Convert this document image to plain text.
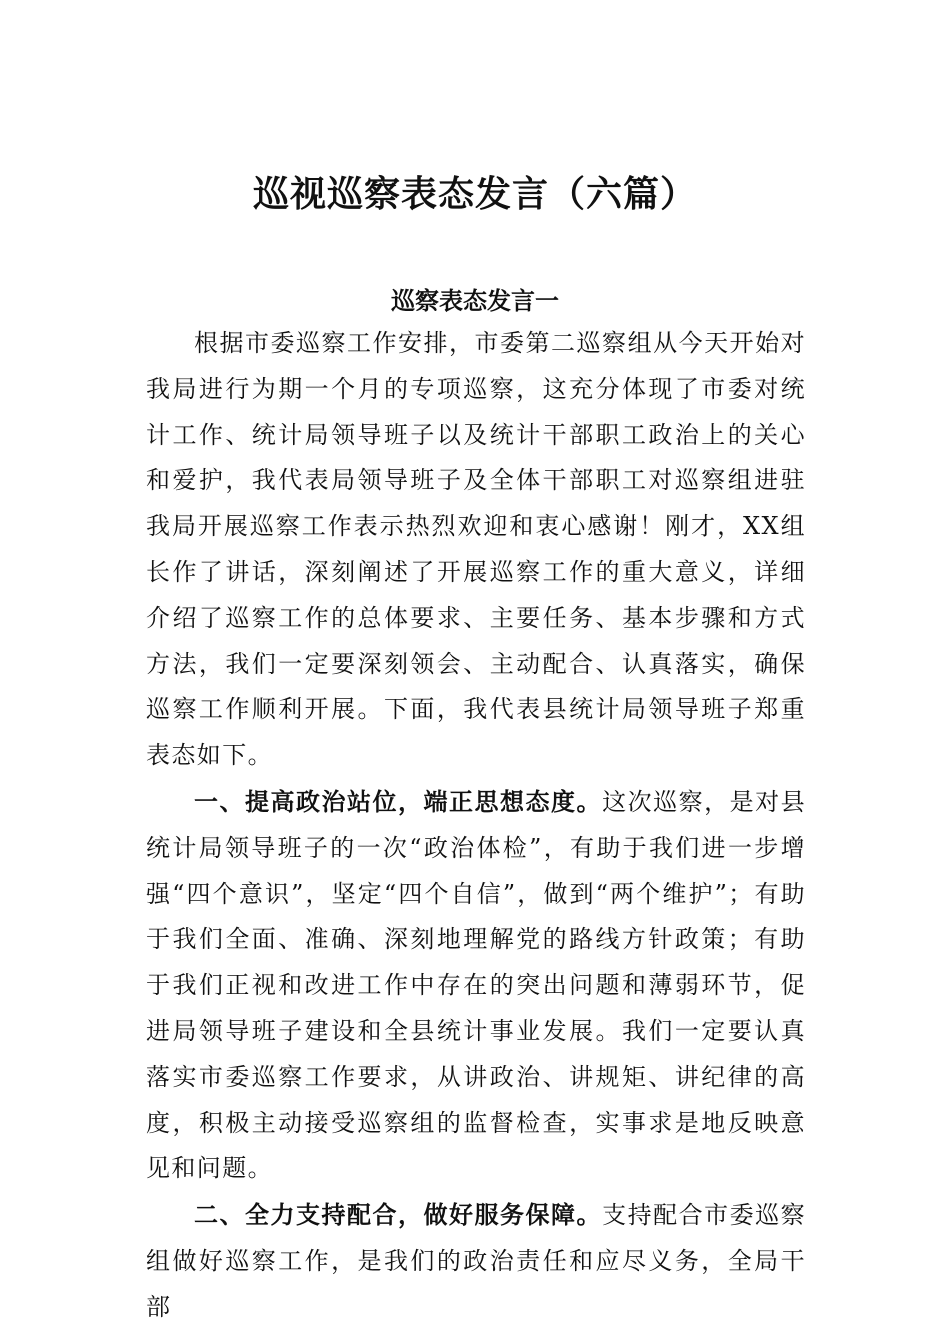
巡视巡察表态发言（六篇）
巡察表态发言一

根据市委巡察工作安排，市委第二巡察组从今天开始对我局进行为期一个月的专项巡察，这充分体现了市委对统计工作、统计局领导班子以及统计干部职工政治上的关心和爱护，我代表局领导班子及全体干部职工对巡察组进驻我局开展巡察工作表示热烈欢迎和衷心感谢！刚才，XX组长作了讲话，深刻阐述了开展巡察工作的重大意义，详细介绍了巡察工作的总体要求、主要任务、基本步骤和方式方法，我们一定要深刻领会、主动配合、认真落实，确保巡察工作顺利开展。下面，我代表县统计局领导班子郑重表态如下。

一、提高政治站位，端正思想态度。这次巡察，是对县统计局领导班子的一次“政治体检”，有助于我们进一步增强“四个意识”，坚定“四个自信”，做到“两个维护”；有助于我们全面、准确、深刻地理解党的路线方针政策；有助于我们正视和改进工作中存在的突出问题和薄弱环节，促进局领导班子建设和全县统计事业发展。我们一定要认真落实市委巡察工作要求，从讲政治、讲规矩、讲纪律的高度，积极主动接受巡察组的监督检查，实事求是地反映意见和问题。

二、全力支持配合，做好服务保障。支持配合市委巡察组做好巡察工作，是我们的政治责任和应尽义务，全局干部
